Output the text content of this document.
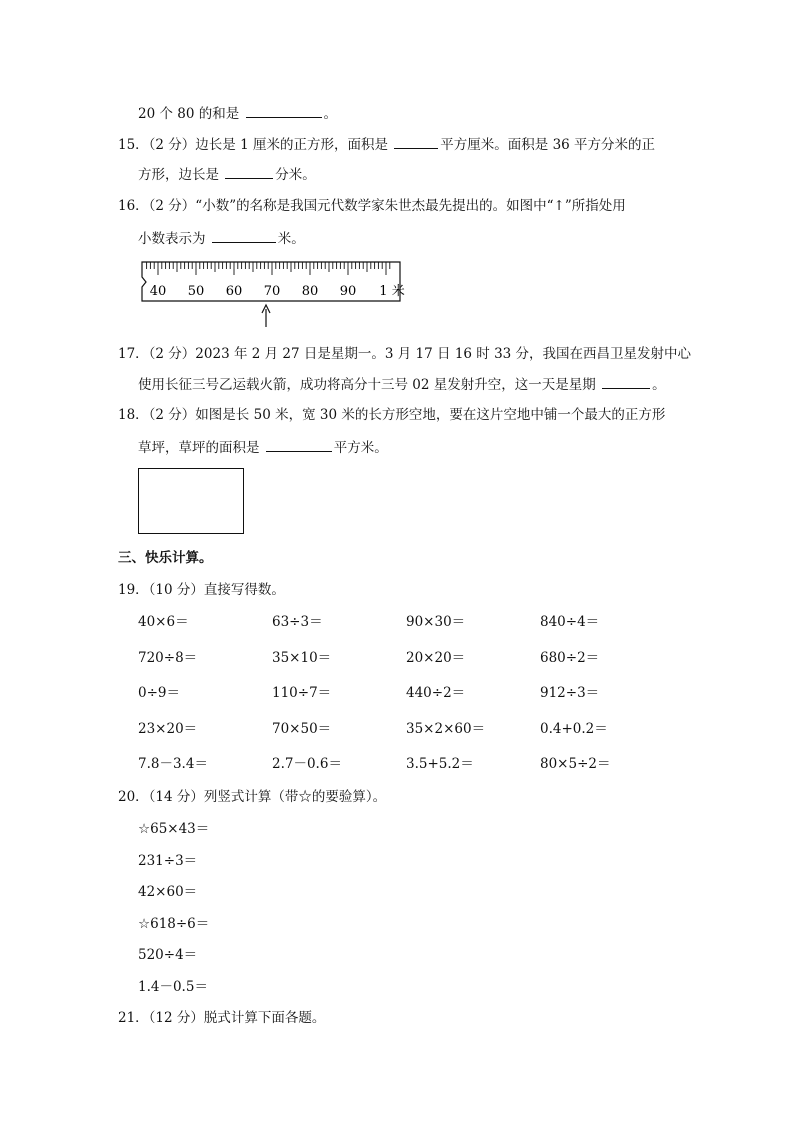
20 个 80 的和是	。
15．（2 分）边长是 1 厘米的正方形，面积是	平方厘米。面积是 36 平方分米的正
方形，边长是	分米。
16．（2 分）“小数”的名称是我国元代数学家朱世杰最先提出的。如图中“↑”所指处用
小数表示为	米。
40 50 60 70 80 90 1 米
17．（2 分）2023 年 2 月 27 日是星期一。3 月 17 日 16 时 33 分，我国在西昌卫星发射中心
使用长征三号乙运载火箭，成功将高分十三号 02 星发射升空，这一天是星期	。
18．（2 分）如图是长 50 米，宽 30 米的长方形空地，要在这片空地中铺一个最大的正方形
草坪，草坪的面积是	平方米。
三、快乐计算。
19．（10 分）直接写得数。
40×6＝	63÷3＝	90×30＝	840÷4＝
720÷8＝	35×10＝	20×20＝	680÷2＝
0÷9＝	110÷7＝	440÷2＝	912÷3＝
23×20＝	70×50＝	35×2×60＝	0.4+0.2＝
7.8－3.4＝	2.7－0.6＝	3.5+5.2＝	80×5÷2＝
20．（14 分）列竖式计算（带☆的要验算）。
☆65×43＝
231÷3＝
42×60＝
☆618÷6＝
520÷4＝
1.4－0.5＝
21．（12 分）脱式计算下面各题。
